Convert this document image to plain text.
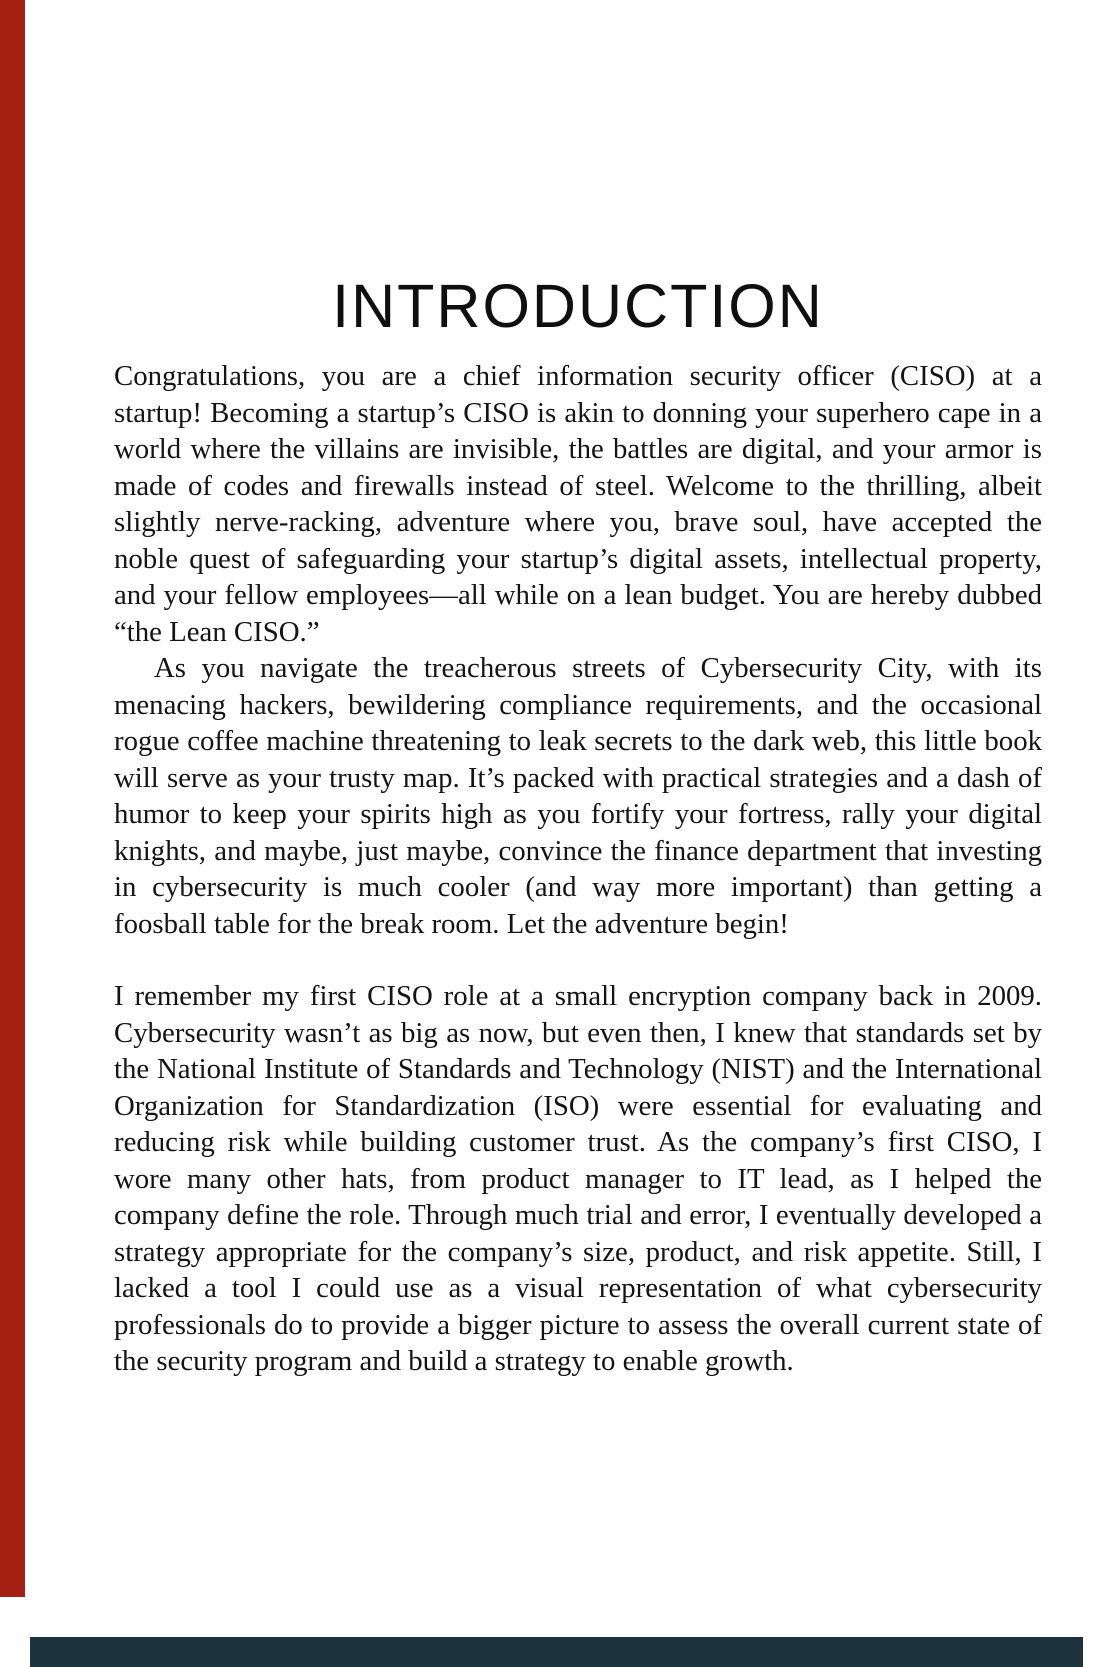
INTRODUCTION

Congratulations, you are a chief information security officer (CISO) at a startup! Becoming a startup’s CISO is akin to donning your superhero cape in a world where the villains are invisible, the battles are digital, and your armor is made of codes and firewalls instead of steel. Welcome to the thrilling, albeit slightly nerve-racking, adventure where you, brave soul, have accepted the noble quest of safeguarding your startup’s digital assets, intellectual property, and your fellow employees—all while on a lean budget. You are hereby dubbed “the Lean CISO.”

As you navigate the treacherous streets of Cybersecurity City, with its menacing hackers, bewildering compliance requirements, and the occasional rogue coffee machine threatening to leak secrets to the dark web, this little book will serve as your trusty map. It’s packed with practical strategies and a dash of humor to keep your spirits high as you fortify your fortress, rally your digital knights, and maybe, just maybe, convince the finance department that investing in cybersecurity is much cooler (and way more important) than getting a foosball table for the break room. Let the adventure begin!

I remember my first CISO role at a small encryption company back in 2009. Cybersecurity wasn’t as big as now, but even then, I knew that standards set by the National Institute of Standards and Technology (NIST) and the International Organization for Standardization (ISO) were essential for evaluating and reducing risk while building customer trust. As the company’s first CISO, I wore many other hats, from product manager to IT lead, as I helped the company define the role. Through much trial and error, I eventually developed a strategy appropriate for the company’s size, product, and risk appetite. Still, I lacked a tool I could use as a visual representation of what cybersecurity professionals do to provide a bigger picture to assess the overall current state of the security program and build a strategy to enable growth.
